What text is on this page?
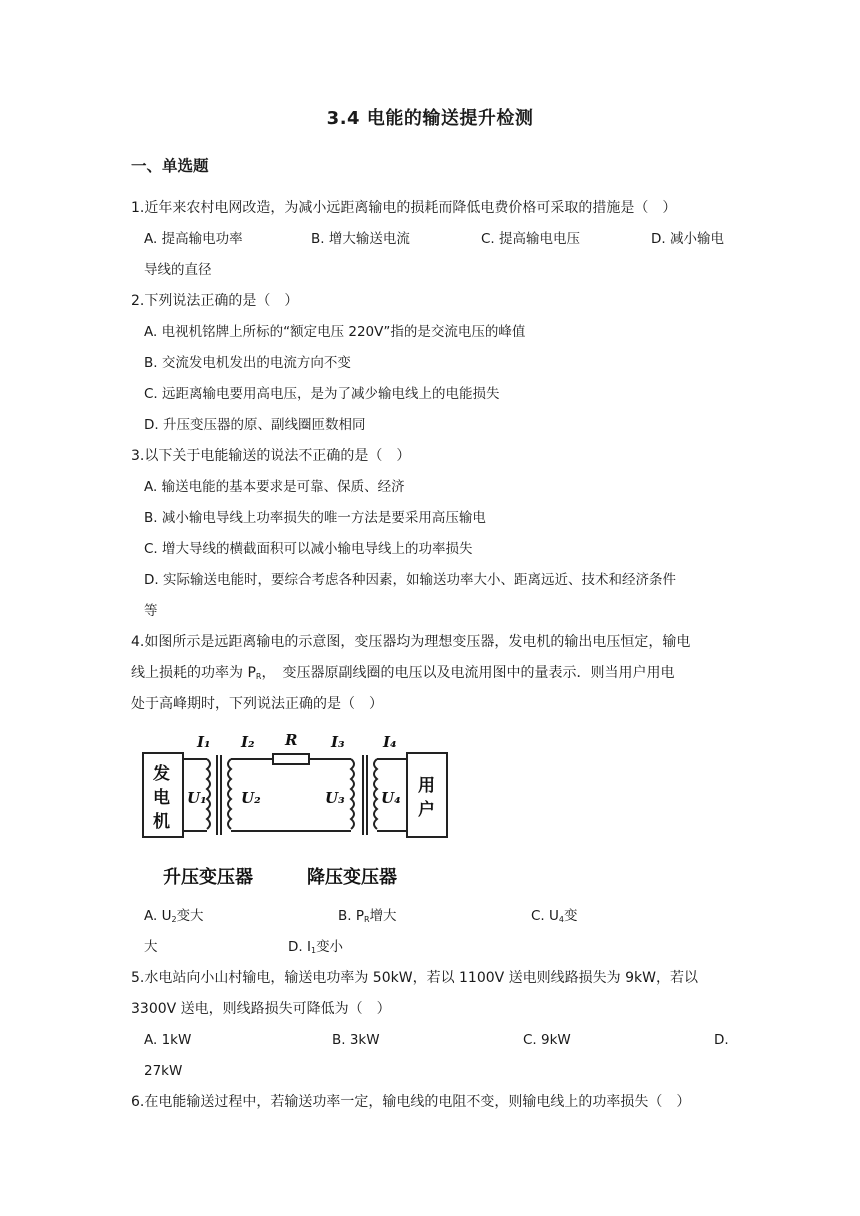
3.4 电能的输送提升检测
一、单选题
1.近年来农村电网改造，为减小远距离输电的损耗而降低电费价格可采取的措施是（　）
A. 提高输电功率	B. 增大输送电流	C. 提高输电电压	D. 减小输电
导线的直径
2.下列说法正确的是（　）
A. 电视机铭牌上所标的“额定电压 220V”指的是交流电压的峰值
B. 交流发电机发出的电流方向不变
C. 远距离输电要用高电压，是为了减少输电线上的电能损失
D. 升压变压器的原、副线圈匝数相同
3.以下关于电能输送的说法不正确的是（　）
A. 输送电能的基本要求是可靠、保质、经济
B. 减小输电导线上功率损失的唯一方法是要采用高压输电
C. 增大导线的横截面积可以减小输电导线上的功率损失
D. 实际输送电能时，要综合考虑各种因素，如输送功率大小、距离远近、技术和经济条件
等
4.如图所示是远距离输电的示意图，变压器均为理想变压器，发电机的输出电压恒定，输电
线上损耗的功率为 $P_R$，　变压器原副线圈的电压以及电流用图中的量表示．则当用户用电
处于高峰期时，下列说法正确的是（　）
I₁ I₂ R I₃	I₄
U₁ U₂	U₃ U₄
发
电
机
用
户
升压变压器	降压变压器
A. $U_2$变大	B. $P_R$增大	C. $U_4$变
大	D. $I_1$变小
5.水电站向小山村输电，输送电功率为 50kW，若以 1100V 送电则线路损失为 9kW，若以
3300V 送电，则线路损失可降低为（　）
A. 1kW	B. 3kW	C. 9kW	D.
27kW
6.在电能输送过程中，若输送功率一定，输电线的电阻不变，则输电线上的功率损失（　）
